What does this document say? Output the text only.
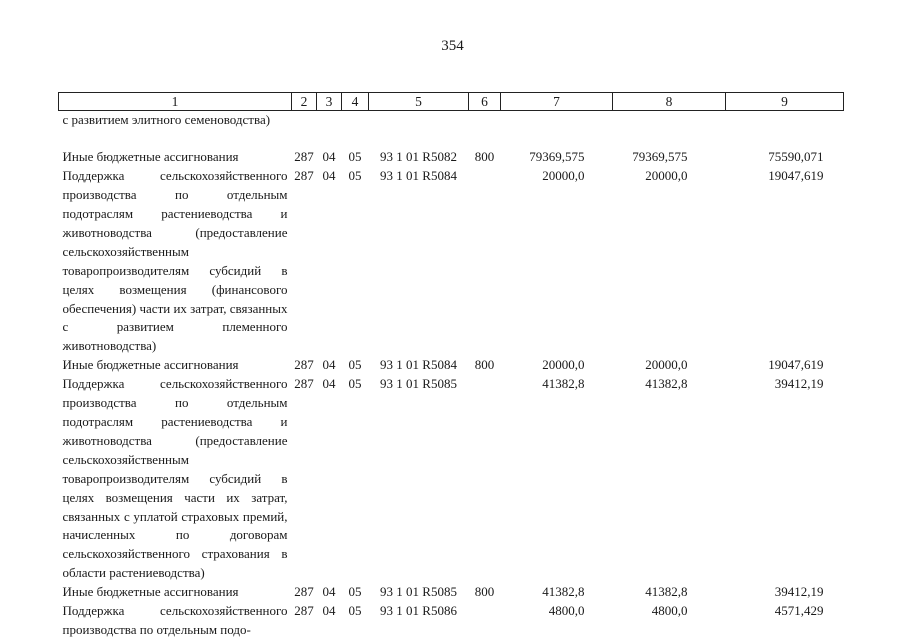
354
1	2	3	4	5	6	7	8	9
с развитием элитного семеноводства)								
Иные бюджетные ассигнования	287	04	05	93 1 01 R5082	800	79369,575	79369,575	75590,071
Поддержка сельскохозяйственного производства по отдельным подотраслям растениеводства и животноводства (предоставление сельскохозяйственным товаропроизводителям субсидий в целях возмещения (финансового обеспечения) части их затрат, связанных с развитием племенного животноводства)	287	04	05	93 1 01 R5084		20000,0	20000,0	19047,619
Иные бюджетные ассигнования	287	04	05	93 1 01 R5084	800	20000,0	20000,0	19047,619
Поддержка сельскохозяйственного производства по отдельным подотраслям растениеводства и животноводства (предоставление сельскохозяйственным товаропроизводителям субсидий в целях возмещения части их затрат, связанных с уплатой страховых премий, начисленных по договорам сельскохозяйственного страхования в области растениеводства)	287	04	05	93 1 01 R5085		41382,8	41382,8	39412,19
Иные бюджетные ассигнования	287	04	05	93 1 01 R5085	800	41382,8	41382,8	39412,19
Поддержка сельскохозяйственного производства по отдельным подо-	287	04	05	93 1 01 R5086		4800,0	4800,0	4571,429
